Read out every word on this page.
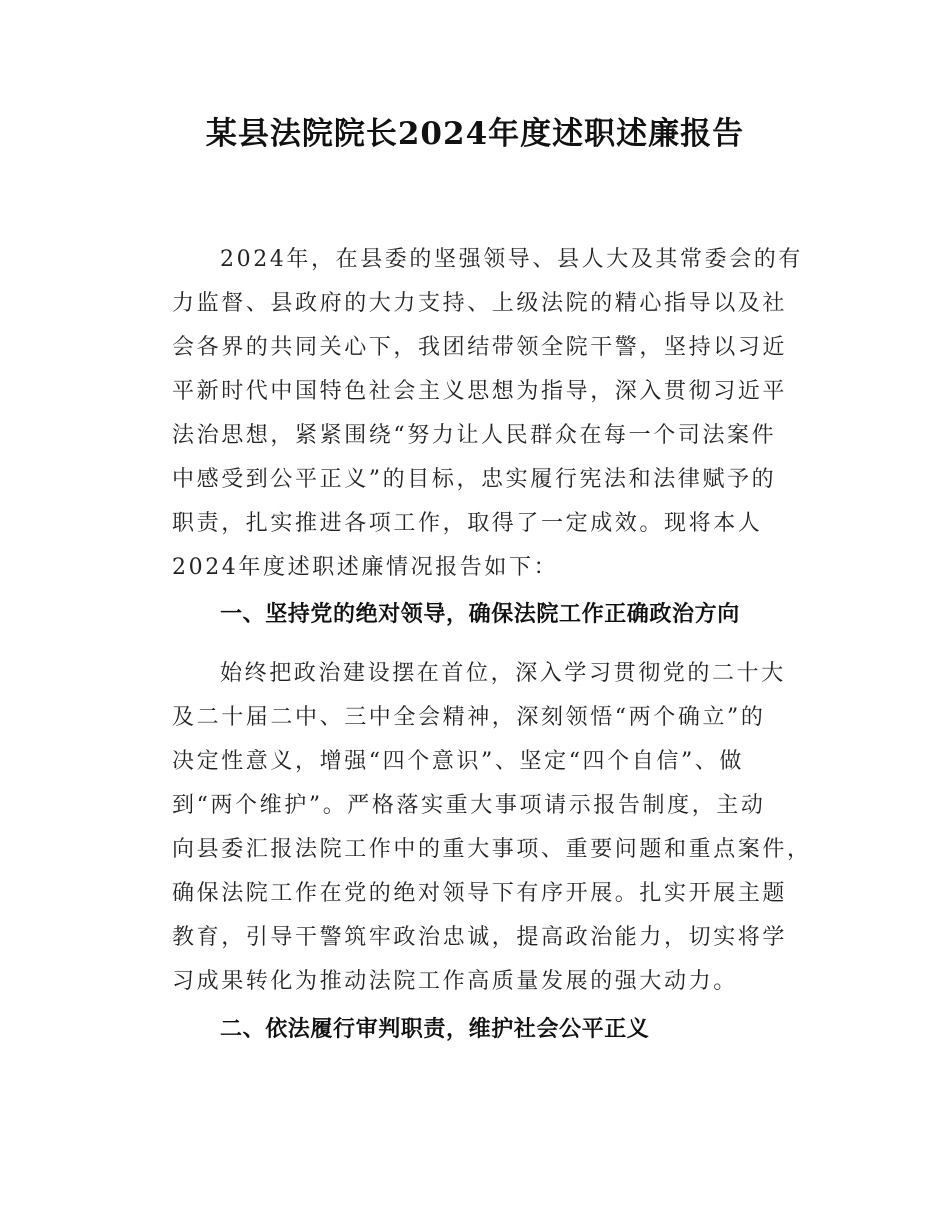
某县法院院长2024年度述职述廉报告
2024年，在县委的坚强领导、县人大及其常委会的有
力监督、县政府的大力支持、上级法院的精心指导以及社
会各界的共同关心下，我团结带领全院干警，坚持以习近
平新时代中国特色社会主义思想为指导，深入贯彻习近平
法治思想，紧紧围绕“努力让人民群众在每一个司法案件
中感受到公平正义”的目标，忠实履行宪法和法律赋予的
职责，扎实推进各项工作，取得了一定成效。现将本人
2024年度述职述廉情况报告如下：
一、坚持党的绝对领导，确保法院工作正确政治方向
始终把政治建设摆在首位，深入学习贯彻党的二十大
及二十届二中、三中全会精神，深刻领悟“两个确立”的
决定性意义，增强“四个意识”、坚定“四个自信”、做
到“两个维护”。严格落实重大事项请示报告制度，主动
向县委汇报法院工作中的重大事项、重要问题和重点案件，
确保法院工作在党的绝对领导下有序开展。扎实开展主题
教育，引导干警筑牢政治忠诚，提高政治能力，切实将学
习成果转化为推动法院工作高质量发展的强大动力。
二、依法履行审判职责，维护社会公平正义
